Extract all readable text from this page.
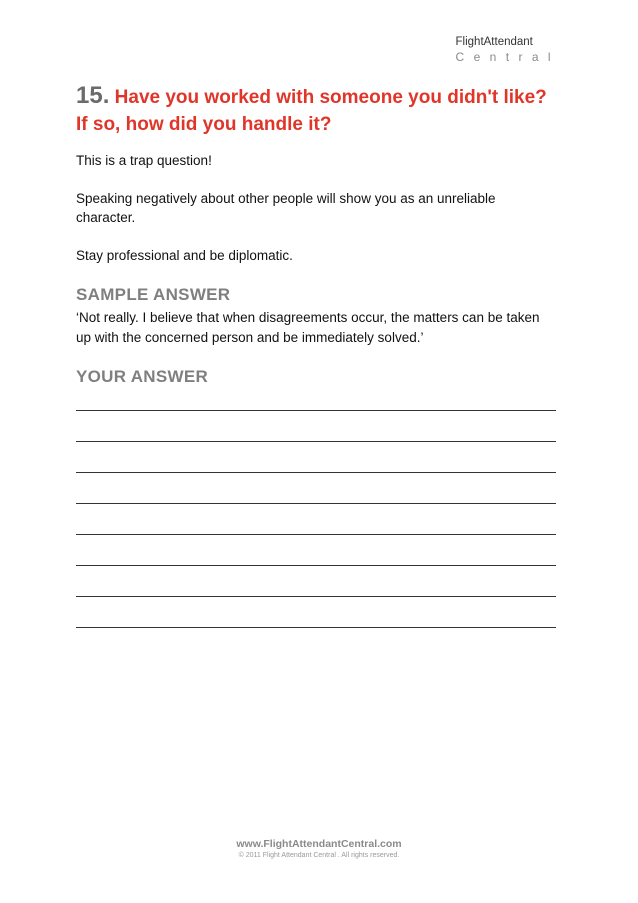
FlightAttendant
Central
15. Have you worked with someone you didn't like? If so, how did you handle it?

This is a trap question!

Speaking negatively about other people will show you as an unreliable character.

Stay professional and be diplomatic.

SAMPLE ANSWER

‘Not really. I believe that when disagreements occur, the matters can be taken up with the concerned person and be immediately solved.’

YOUR ANSWER
www.FlightAttendantCentral.com
© 2011 Flight Attendant Central . All rights reserved.
